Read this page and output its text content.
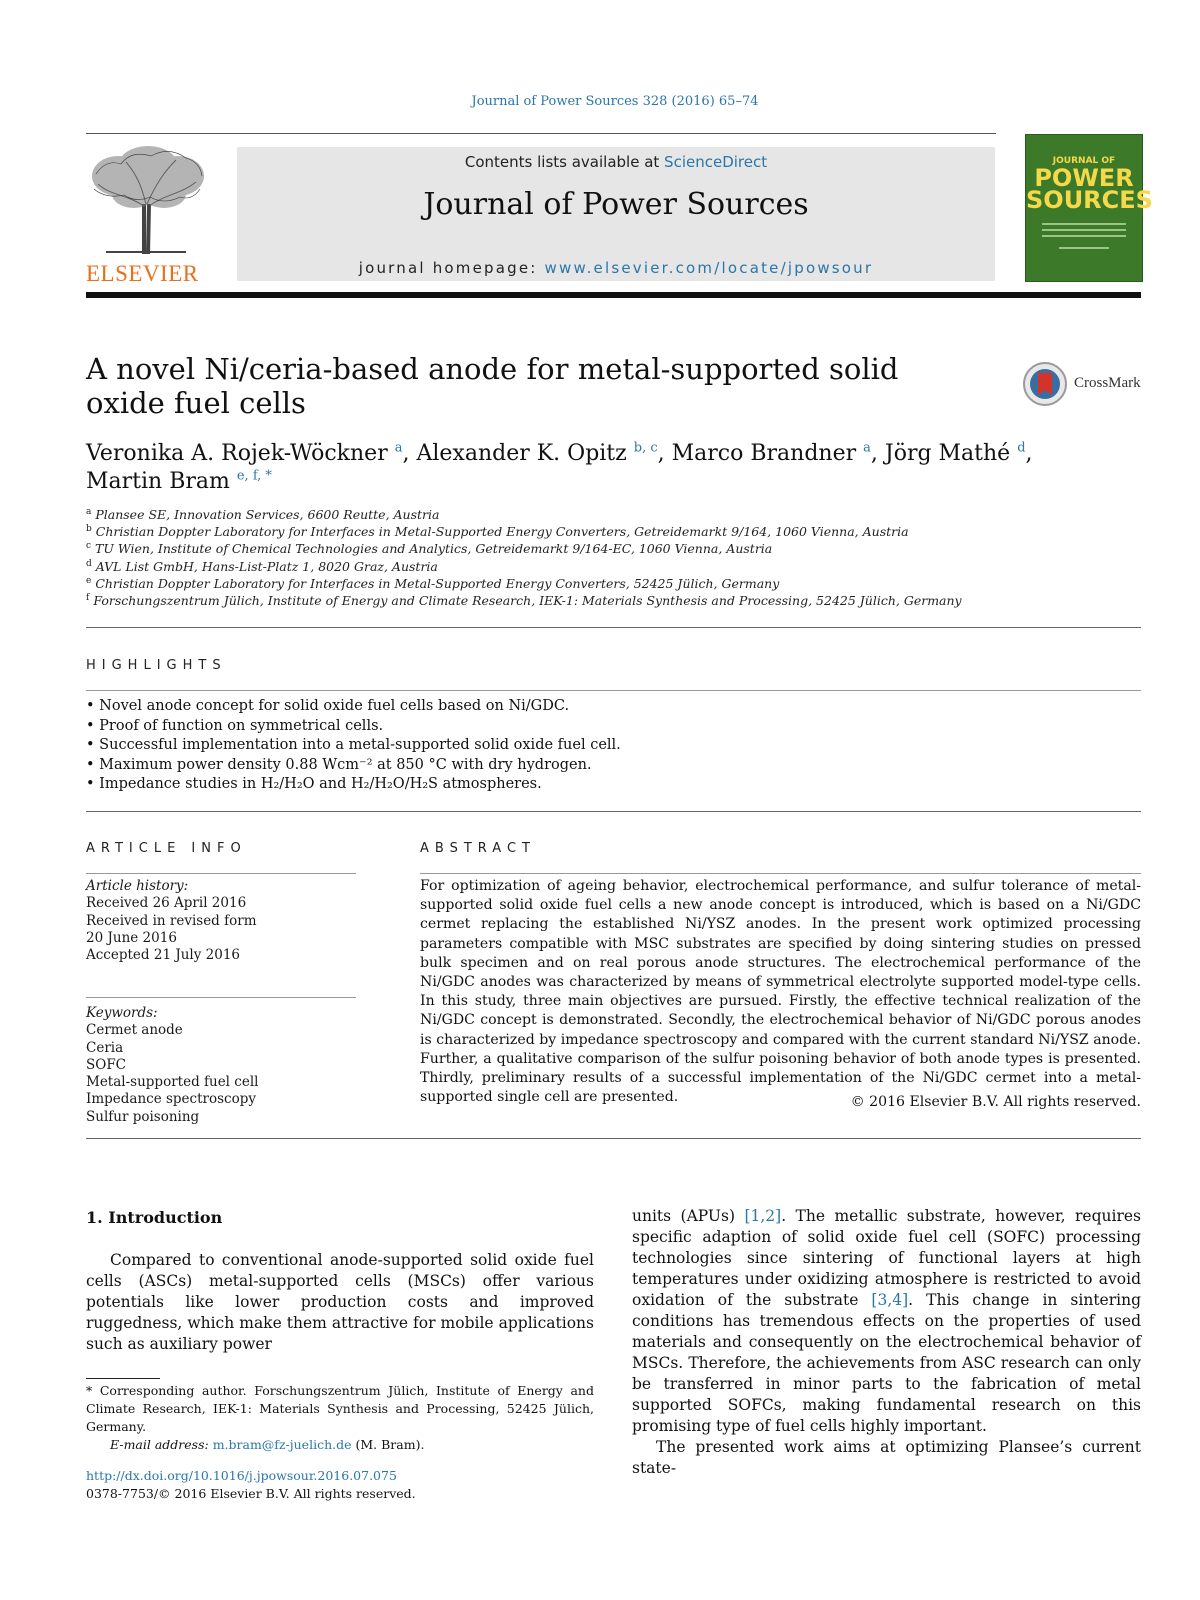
Journal of Power Sources 328 (2016) 65–74
ELSEVIER
Contents lists available at ScienceDirect
Journal of Power Sources
journal homepage: www.elsevier.com/locate/jpowsour
JOURNAL OF
POWER
SOURCES
A novel Ni/ceria-based anode for metal-supported solid oxide fuel cells
CrossMark
Veronika A. Rojek-Wöckner $^a$, Alexander K. Opitz $^{b, c}$, Marco Brandner $^a$, Jörg Mathé $^d$,
Martin Bram $^{e, f, *}$
$^a$ Plansee SE, Innovation Services, 6600 Reutte, Austria
$^b$ Christian Doppter Laboratory for Interfaces in Metal-Supported Energy Converters, Getreidemarkt 9/164, 1060 Vienna, Austria
$^c$ TU Wien, Institute of Chemical Technologies and Analytics, Getreidemarkt 9/164-EC, 1060 Vienna, Austria
$^d$ AVL List GmbH, Hans-List-Platz 1, 8020 Graz, Austria
$^e$ Christian Doppter Laboratory for Interfaces in Metal-Supported Energy Converters, 52425 Jülich, Germany
$^f$ Forschungszentrum Jülich, Institute of Energy and Climate Research, IEK-1: Materials Synthesis and Processing, 52425 Jülich, Germany
HIGHLIGHTS
• Novel anode concept for solid oxide fuel cells based on Ni/GDC.
• Proof of function on symmetrical cells.
• Successful implementation into a metal-supported solid oxide fuel cell.
• Maximum power density 0.88 Wcm⁻² at 850 °C with dry hydrogen.
• Impedance studies in H₂/H₂O and H₂/H₂O/H₂S atmospheres.
ARTICLE INFO
Article history:
Received 26 April 2016
Received in revised form
20 June 2016
Accepted 21 July 2016
Keywords:
Cermet anode
Ceria
SOFC
Metal-supported fuel cell
Impedance spectroscopy
Sulfur poisoning
ABSTRACT
For optimization of ageing behavior, electrochemical performance, and sulfur tolerance of metal-supported solid oxide fuel cells a new anode concept is introduced, which is based on a Ni/GDC cermet replacing the established Ni/YSZ anodes. In the present work optimized processing parameters compatible with MSC substrates are specified by doing sintering studies on pressed bulk specimen and on real porous anode structures. The electrochemical performance of the Ni/GDC anodes was characterized by means of symmetrical electrolyte supported model-type cells. In this study, three main objectives are pursued. Firstly, the effective technical realization of the Ni/GDC concept is demonstrated. Secondly, the electrochemical behavior of Ni/GDC porous anodes is characterized by impedance spectroscopy and compared with the current standard Ni/YSZ anode. Further, a qualitative comparison of the sulfur poisoning behavior of both anode types is presented. Thirdly, preliminary results of a successful implementation of the Ni/GDC cermet into a metal-supported single cell are presented.	© 2016 Elsevier B.V. All rights reserved.
1. Introduction
Compared to conventional anode-supported solid oxide fuel cells (ASCs) metal-supported cells (MSCs) offer various potentials like lower production costs and improved ruggedness, which make them attractive for mobile applications such as auxiliary power
* Corresponding author. Forschungszentrum Jülich, Institute of Energy and Climate Research, IEK-1: Materials Synthesis and Processing, 52425 Jülich, Germany.
E-mail address: m.bram@fz-juelich.de (M. Bram).
http://dx.doi.org/10.1016/j.jpowsour.2016.07.075
0378-7753/© 2016 Elsevier B.V. All rights reserved.
units (APUs) [1,2]. The metallic substrate, however, requires specific adaption of solid oxide fuel cell (SOFC) processing technologies since sintering of functional layers at high temperatures under oxidizing atmosphere is restricted to avoid oxidation of the substrate [3,4]. This change in sintering conditions has tremendous effects on the properties of used materials and consequently on the electrochemical behavior of MSCs. Therefore, the achievements from ASC research can only be transferred in minor parts to the fabrication of metal supported SOFCs, making fundamental research on this promising type of fuel cells highly important.
The presented work aims at optimizing Plansee’s current state-
